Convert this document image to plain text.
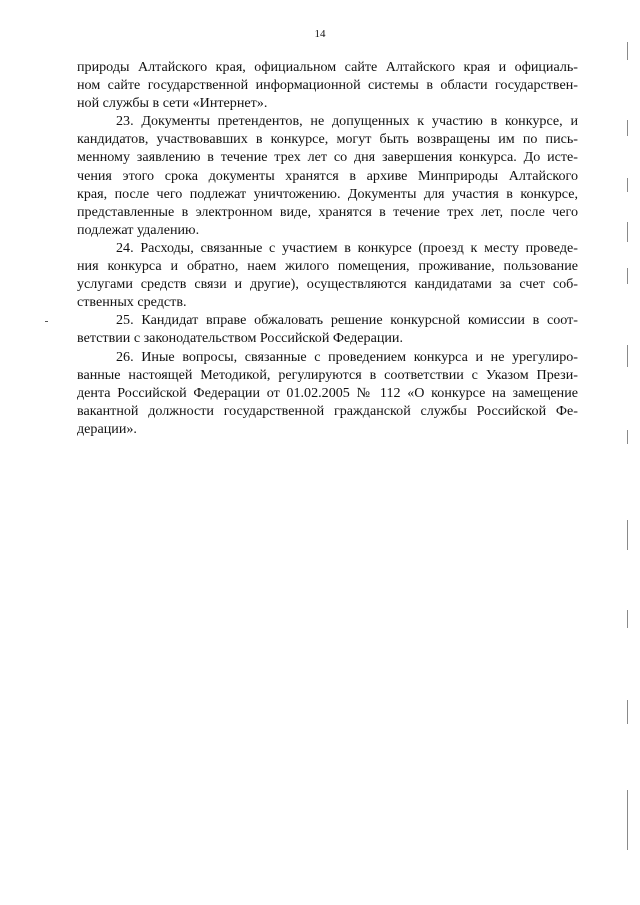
14
природы Алтайского края, официальном сайте Алтайского края и официаль-
ном сайте государственной информационной системы в области государствен-
ной службы в сети «Интернет».
23. Документы претендентов, не допущенных к участию в конкурсе, и
кандидатов, участвовавших в конкурсе, могут быть возвращены им по пись-
менному заявлению в течение трех лет со дня завершения конкурса. До исте-
чения этого срока документы хранятся в архиве Минприроды Алтайского
края, после чего подлежат уничтожению. Документы для участия в конкурсе,
представленные в электронном виде, хранятся в течение трех лет, после чего
подлежат удалению.
24. Расходы, связанные с участием в конкурсе (проезд к месту проведе-
ния конкурса и обратно, наем жилого помещения, проживание, пользование
услугами средств связи и другие), осуществляются кандидатами за счет соб-
ственных средств.
25. Кандидат вправе обжаловать решение конкурсной комиссии в соот-
ветствии с законодательством Российской Федерации.
26. Иные вопросы, связанные с проведением конкурса и не урегулиро-
ванные настоящей Методикой, регулируются в соответствии с Указом Прези-
дента Российской Федерации от 01.02.2005 № 112 «О конкурсе на замещение
вакантной должности государственной гражданской службы Российской Фе-
дерации».
